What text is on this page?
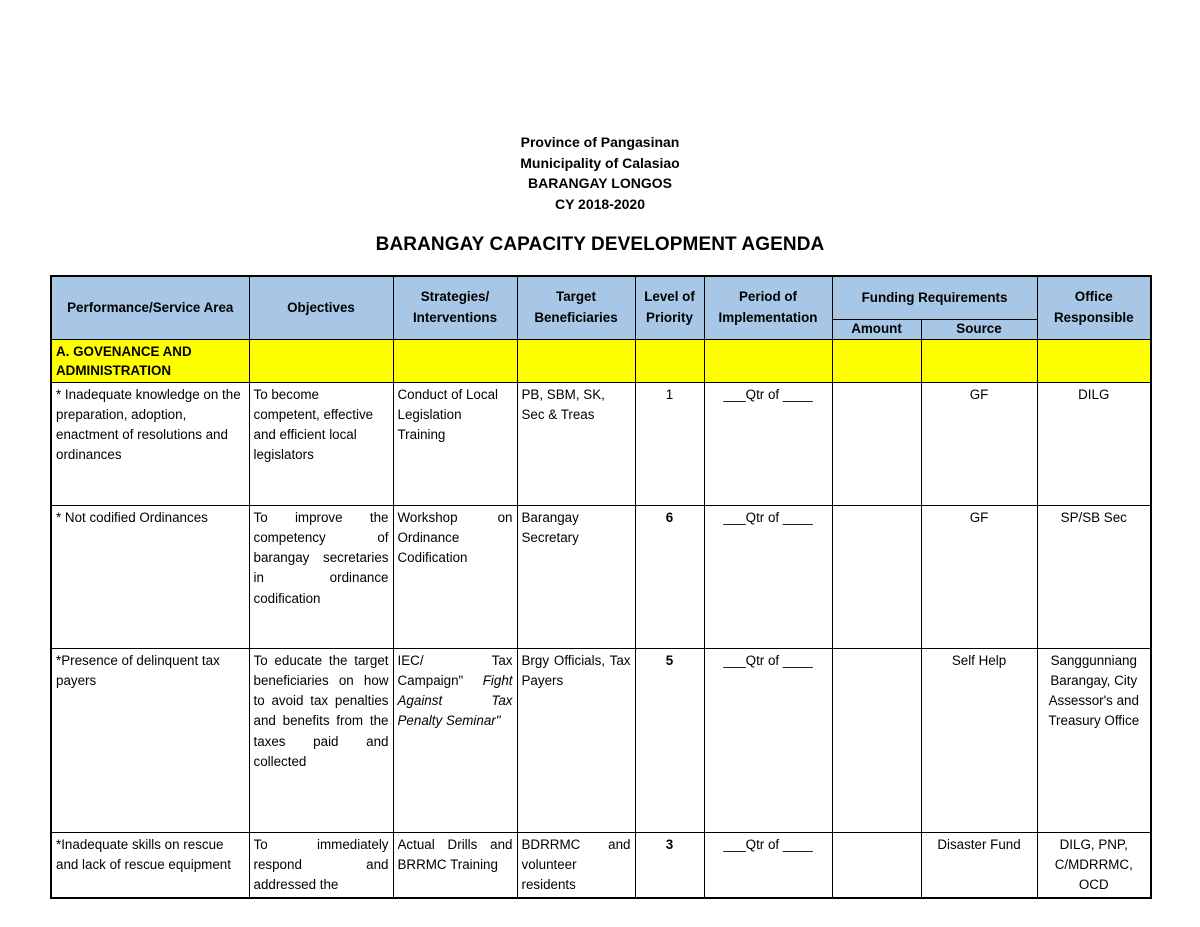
Province of Pangasinan
Municipality of Calasiao
BARANGAY LONGOS
CY 2018-2020
BARANGAY CAPACITY DEVELOPMENT AGENDA
Performance/Service Area	Objectives	Strategies/ Interventions	Target Beneficiaries	Level of Priority	Period of Implementation	Funding Requirements		Office Responsible
						Amount	Source	
A. GOVENANCE AND ADMINISTRATION								
* Inadequate knowledge on the preparation, adoption, enactment of resolutions and ordinances	To become competent, effective and efficient local legislators	Conduct of Local Legislation Training	PB, SBM, SK, Sec & Treas	1	___Qtr of ____		GF	DILG
* Not codified Ordinances	To improve the competency of barangay secretaries in ordinance codification	Workshop on Ordinance Codification	Barangay Secretary	6	___Qtr of ____		GF	SP/SB Sec
*Presence of delinquent tax payers	To educate the target beneficiaries on how to avoid tax penalties and benefits from the taxes paid and collected	IEC/ Tax Campaign" Fight Against Tax Penalty Seminar"	Brgy Officials, Tax Payers	5	___Qtr of ____		Self Help	Sanggunniang Barangay, City Assessor's and Treasury Office

*Inadequate skills on rescue and lack of rescue equipment	To immediately respond and addressed the	Actual Drills and BRRMC Training	BDRRMC and volunteer residents	3	___Qtr of ____		Disaster Fund	DILG, PNP, C/MDRRMC, OCD
